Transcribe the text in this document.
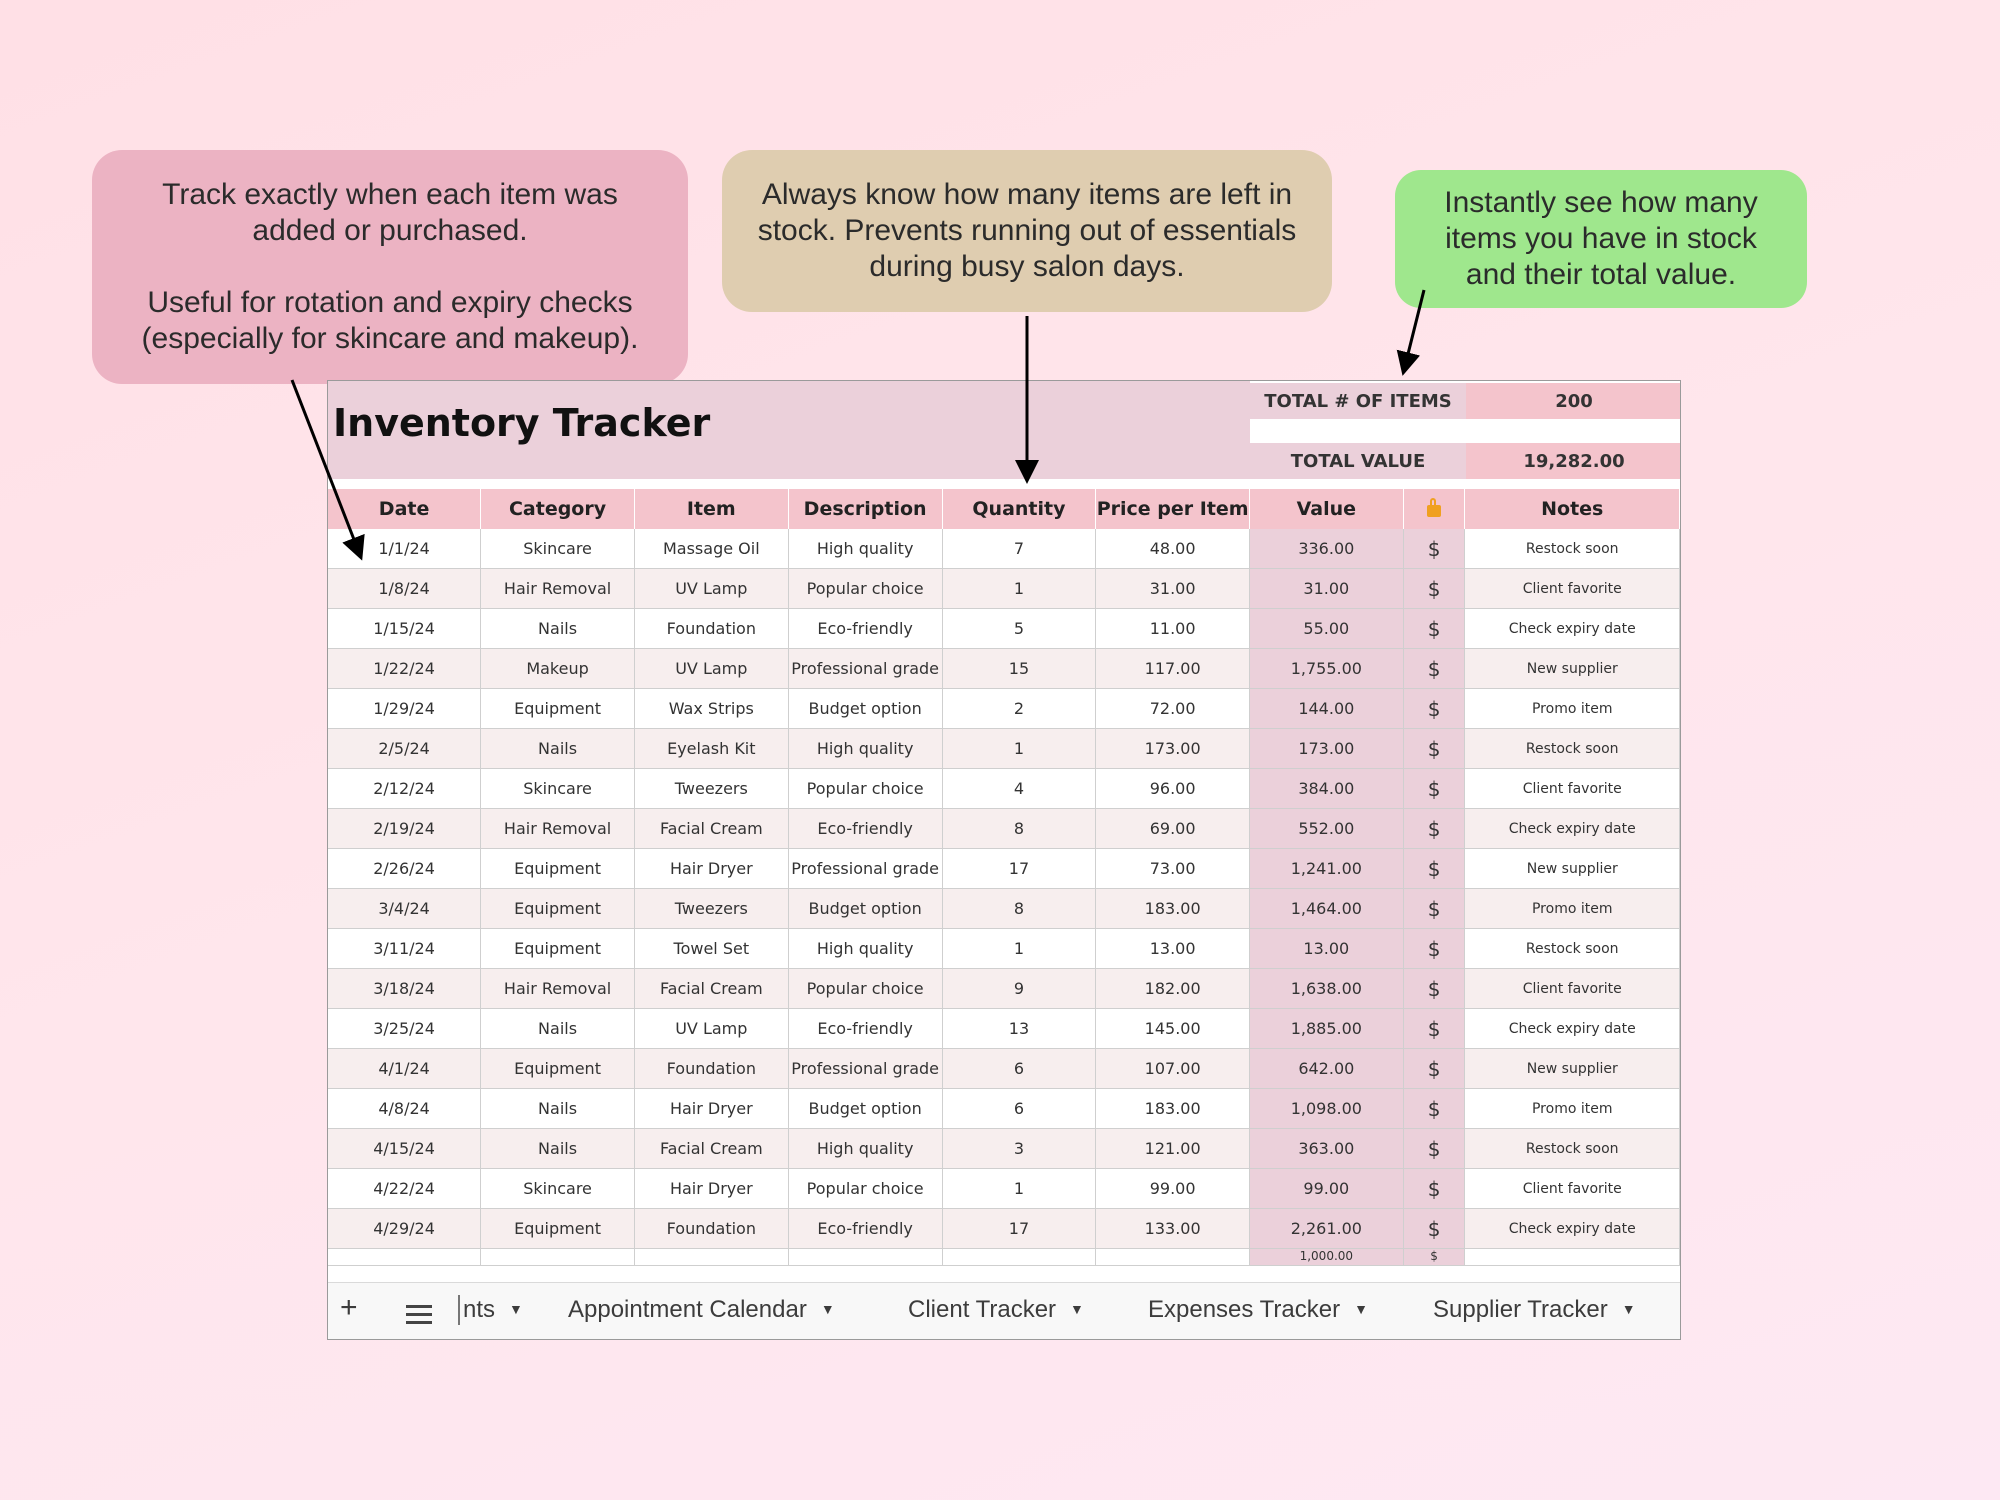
Track exactly when each item was

added or purchased.

Useful for rotation and expiry checks

(especially for skincare and makeup).

Always know how many items are left in

stock. Prevents running out of essentials

during busy salon days.

Instantly see how many

items you have in stock

and their total value.

Inventory Tracker	TOTAL # OF ITEMS	200
TOTAL VALUE	19,282.00
Date	Category	Item	Description	Quantity	Price per Item	Value		Notes
1/1/24	Skincare	Massage Oil	High quality	7	48.00	336.00	$	Restock soon
1/8/24	Hair Removal	UV Lamp	Popular choice	1	31.00	31.00	$	Client favorite
1/15/24	Nails	Foundation	Eco-friendly	5	11.00	55.00	$	Check expiry date
1/22/24	Makeup	UV Lamp	Professional grade	15	117.00	1,755.00	$	New supplier
1/29/24	Equipment	Wax Strips	Budget option	2	72.00	144.00	$	Promo item
2/5/24	Nails	Eyelash Kit	High quality	1	173.00	173.00	$	Restock soon
2/12/24	Skincare	Tweezers	Popular choice	4	96.00	384.00	$	Client favorite
2/19/24	Hair Removal	Facial Cream	Eco-friendly	8	69.00	552.00	$	Check expiry date
2/26/24	Equipment	Hair Dryer	Professional grade	17	73.00	1,241.00	$	New supplier
3/4/24	Equipment	Tweezers	Budget option	8	183.00	1,464.00	$	Promo item
3/11/24	Equipment	Towel Set	High quality	1	13.00	13.00	$	Restock soon
3/18/24	Hair Removal	Facial Cream	Popular choice	9	182.00	1,638.00	$	Client favorite
3/25/24	Nails	UV Lamp	Eco-friendly	13	145.00	1,885.00	$	Check expiry date
4/1/24	Equipment	Foundation	Professional grade	6	107.00	642.00	$	New supplier
4/8/24	Nails	Hair Dryer	Budget option	6	183.00	1,098.00	$	Promo item
4/15/24	Nails	Facial Cream	High quality	3	121.00	363.00	$	Restock soon
4/22/24	Skincare	Hair Dryer	Popular choice	1	99.00	99.00	$	Client favorite
4/29/24	Equipment	Foundation	Eco-friendly	17	133.00	2,261.00	$	Check expiry date
						1,000.00	$	
+	nts ▼ Appointment Calendar ▼	Client Tracker ▼	Expenses Tracker ▼	Supplier Tracker ▼
